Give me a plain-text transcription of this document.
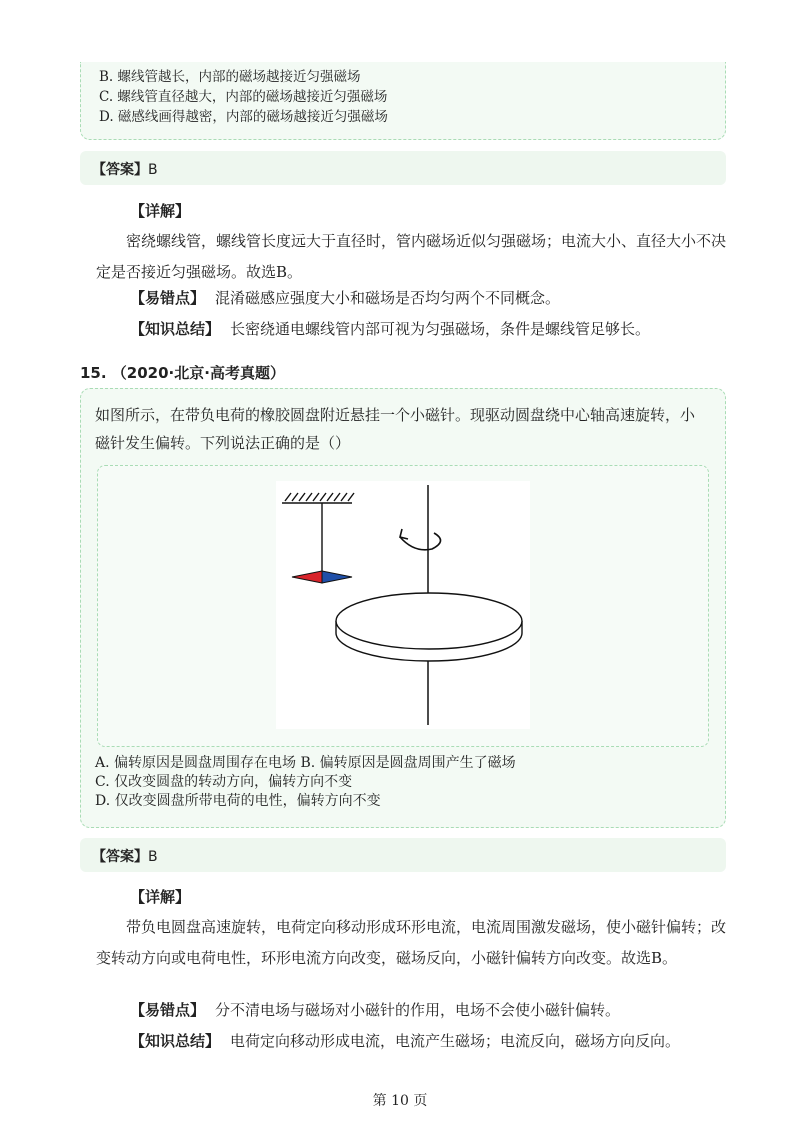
B. 螺线管越长，内部的磁场越接近匀强磁场
C. 螺线管直径越大，内部的磁场越接近匀强磁场
D. 磁感线画得越密，内部的磁场越接近匀强磁场
【答案】B
【详解】
密绕螺线管，螺线管长度远大于直径时，管内磁场近似匀强磁场；电流大小、直径大小不决定是否接近匀强磁场。故选B。
【易错点】 混淆磁感应强度大小和磁场是否均匀两个不同概念。
【知识总结】 长密绕通电螺线管内部可视为匀强磁场，条件是螺线管足够长。
15. （2020·北京·高考真题）
如图所示，在带负电荷的橡胶圆盘附近悬挂一个小磁针。现驱动圆盘绕中心轴高速旋转，小磁针发生偏转。下列说法正确的是（）
A. 偏转原因是圆盘周围存在电场 B. 偏转原因是圆盘周围产生了磁场
C. 仅改变圆盘的转动方向，偏转方向不变
D. 仅改变圆盘所带电荷的电性，偏转方向不变
【答案】B
【详解】
带负电圆盘高速旋转，电荷定向移动形成环形电流，电流周围激发磁场，使小磁针偏转；改变转动方向或电荷电性，环形电流方向改变，磁场反向，小磁针偏转方向改变。故选B。
【易错点】 分不清电场与磁场对小磁针的作用，电场不会使小磁针偏转。
【知识总结】 电荷定向移动形成电流，电流产生磁场；电流反向，磁场方向反向。
第 10 页
